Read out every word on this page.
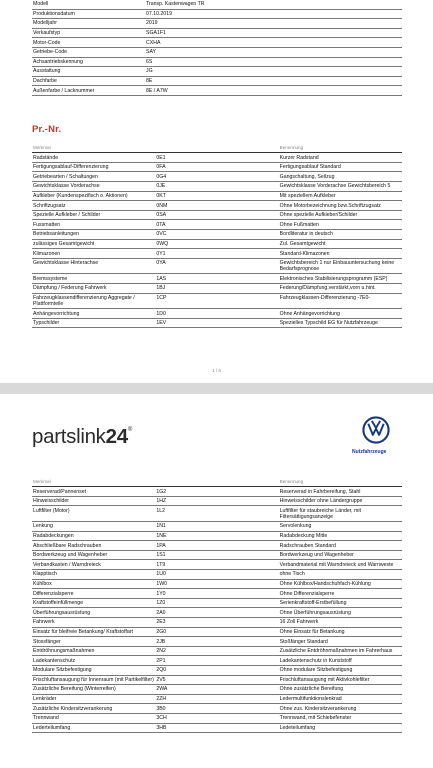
Modell	Transp. Kastenwagen TR
Produktionsdatum	07.10.2019
Modelljahr	2019
Verkaufstyp	SGA1F1
Motor-Code	CXHA
Getriebe-Code	SAY
Achsantriebskennung	6S
Ausstattung	JG
Dachfarbe	8E
Außenfarbe / Lacknummer	8E / A7W
Pr.-Nr.
Merkmal		Benennung
Radstände	0E1	Kurzer Radstand
Fertigungsablauf-Differenzierung	0FA	Fertigungsablauf Standard
Getriebearten / Schaltungen	0G4	Gangschaltung, Seilzug
Gewichtsklasse Vorderachse	0JE	Gewichtsklasse Vorderachse Gewichtsbereich 5
Aufkleber (Kundenspezifisch o. Aktionen)	0KT	Mit speziellem Aufkleber
Schriftzugsatz	0NM	Ohne Motorbezeichnung bzw.Schriftzugsatz
Spezielle Aufkleber / Schilder	0SA	Ohne spezielle Aufkleber/Schilder
Fussmatten	0TA	Ohne Fußmatten
Betriebsanleitungen	0VC	Bordliteratur in deutsch
zulässiges Gesamtgewicht	0WQ	Zul. Gesamtgewicht
Klimazonen	0Y1	Standard-Klimazonen
Gewichtsklasse Hinterachse	0YA	Gewichtsbereich 1 nur Einbauuntersuchung keine Bedarfsprognose
Bremssysteme	1AS	Elektronisches Stabilisierungsprogramm (ESP)
Dämpfung / Federung Fahrwerk	1BJ	Federung/Dämpfung,verstärkt,vorn u.hint.
Fahrzeugklassendifferenzierung Aggregate / Plattformteile	1CP	Fahrzeugklassen-Differenzierung -7E0-
Anhängevorrichtung	1D0	Ohne Anhängevorrichtung
Typschilder	1EV	Spezielles Typschild EG für Nutzfahrzeuge
1 / 6
partslink24®
Nutzfahrzeuge
Merkmal		Benennung
Reserverad/Pannenset	1G2	Reserverad in Fahrbereifung, Stahl
Hinweisschilder	1HZ	Hinweisschilder ohne Ländergruppe
Luftfilter (Motor)	1L2	Luftfilter für staubreiche Länder, mit Filtersättigungsanzeige
Lenkung	1N1	Servolenkung
Radabdeckungen	1NE	Radabdeckung Mitte
Abschließbare Radschrauben	1PA	Radschrauben Standard
Bordwerkzeug und Wagenheber	1S1	Bordwerkzeug und Wagenheber
Verbandkasten / Warndreieck	1T9	Verbandmaterial mit Warndreieck und Warnweste
Klapptisch	1U0	ohne Tisch
Kühlbox	1W0	Ohne Kühlbox/Handschuhfach-Kühlung
Differenzialsperre	1Y0	Ohne Differenzialsperre
Kraftstoffeinfüllmenge	1Z0	Serienkraftstoff-Erstbefüllung
Überführungsausrüstung	2A0	Ohne Überführungsausrüstung
Fahrwerk	2E3	16 Zoll Fahrwerk
Einsatz für bleifreie Betankung/ Kraftstoffart	2G0	Ohne Einsatz für Betankung
Stossfänger	2JB	Stoßfänger Standard
Entdröhnungsmaßnahmen	2N2	Zusätzliche Entdröhnmaßnahmen im Fahrerhaus
Ladekantenschutz	2P1	Ladekantenschutz in Kunststoff
Modulare Sitzbefestigung	2Q0	Ohne modulare Sitzbefestigung
Frischluftansaugung für Innenraum (mit Partikelfilter)	2V5	Frischluftansaugung mit Aktivkohlefilter
Zusätzliche Bereifung (Winterreifen)	2WA	Ohne zusätzliche Bereifung
Lenkräder	2ZH	Ledermultifunktionslenkrad
Zusätzliche Kindersitzverankerung	3B0	Ohne zus. Kindersitzverankerung
Trennwand	3CH	Trennwand, mit Schiebefenster
Lederteilumfang	3HB	Ledeteilumfang
